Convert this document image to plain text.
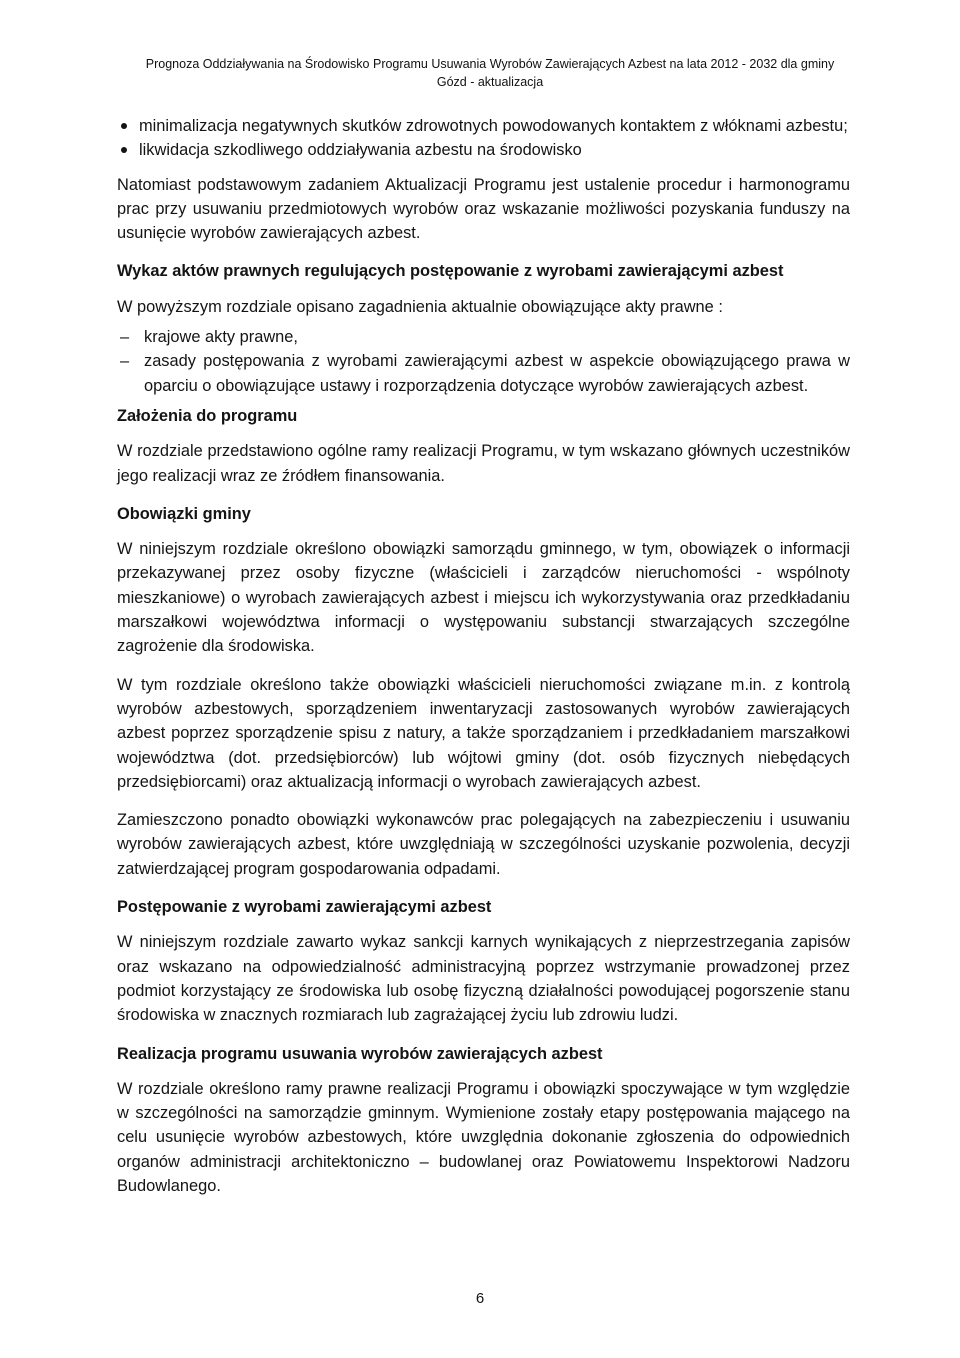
Prognoza Oddziaływania na Środowisko Programu Usuwania Wyrobów Zawierających Azbest na lata 2012 - 2032 dla gminy
Gózd - aktualizacja
minimalizacja negatywnych skutków zdrowotnych powodowanych kontaktem z włóknami azbestu;
likwidacja szkodliwego oddziaływania azbestu na środowisko

Natomiast podstawowym zadaniem Aktualizacji Programu jest ustalenie procedur i harmonogramu prac przy usuwaniu przedmiotowych wyrobów oraz wskazanie możliwości pozyskania funduszy na usunięcie wyrobów zawierających azbest.

Wykaz aktów prawnych regulujących postępowanie z wyrobami zawierającymi azbest

W powyższym rozdziale opisano zagadnienia aktualnie obowiązujące akty prawne :

– krajowe akty prawne,
– zasady postępowania z wyrobami zawierającymi azbest w aspekcie obowiązującego prawa w oparciu o obowiązujące ustawy i rozporządzenia dotyczące wyrobów zawierających azbest.
Założenia do programu

W rozdziale przedstawiono ogólne ramy realizacji Programu, w tym wskazano głównych uczestników jego realizacji wraz ze źródłem finansowania.

Obowiązki gminy

W niniejszym rozdziale określono obowiązki samorządu gminnego, w tym, obowiązek o informacji przekazywanej przez osoby fizyczne (właścicieli i zarządców nieruchomości - wspólnoty mieszkaniowe) o wyrobach zawierających azbest i miejscu ich wykorzystywania oraz przedkładaniu marszałkowi województwa informacji o występowaniu substancji stwarzających szczególne zagrożenie dla środowiska.

W tym rozdziale określono także obowiązki właścicieli nieruchomości związane m.in. z kontrolą wyrobów azbestowych, sporządzeniem inwentaryzacji zastosowanych wyrobów zawierających azbest poprzez sporządzenie spisu z natury, a także sporządzaniem i przedkładaniem marszałkowi województwa (dot. przedsiębiorców) lub wójtowi gminy (dot. osób fizycznych niebędących przedsiębiorcami) oraz aktualizacją informacji o wyrobach zawierających azbest.

Zamieszczono ponadto obowiązki wykonawców prac polegających na zabezpieczeniu i usuwaniu wyrobów zawierających azbest, które uwzględniają w szczególności uzyskanie pozwolenia, decyzji zatwierdzającej program gospodarowania odpadami.

Postępowanie z wyrobami zawierającymi azbest

W niniejszym rozdziale zawarto wykaz sankcji karnych wynikających z nieprzestrzegania zapisów oraz wskazano na odpowiedzialność administracyjną poprzez wstrzymanie prowadzonej przez podmiot korzystający ze środowiska lub osobę fizyczną działalności powodującej pogorszenie stanu środowiska w znacznych rozmiarach lub zagrażającej życiu lub zdrowiu ludzi.

Realizacja programu usuwania wyrobów zawierających azbest

W rozdziale określono ramy prawne realizacji Programu i obowiązki spoczywające w tym względzie w szczególności na samorządzie gminnym. Wymienione zostały etapy postępowania mającego na celu usunięcie wyrobów azbestowych, które uwzględnia dokonanie zgłoszenia do odpowiednich organów administracji architektoniczno – budowlanej oraz Powiatowemu Inspektorowi Nadzoru Budowlanego.

6
